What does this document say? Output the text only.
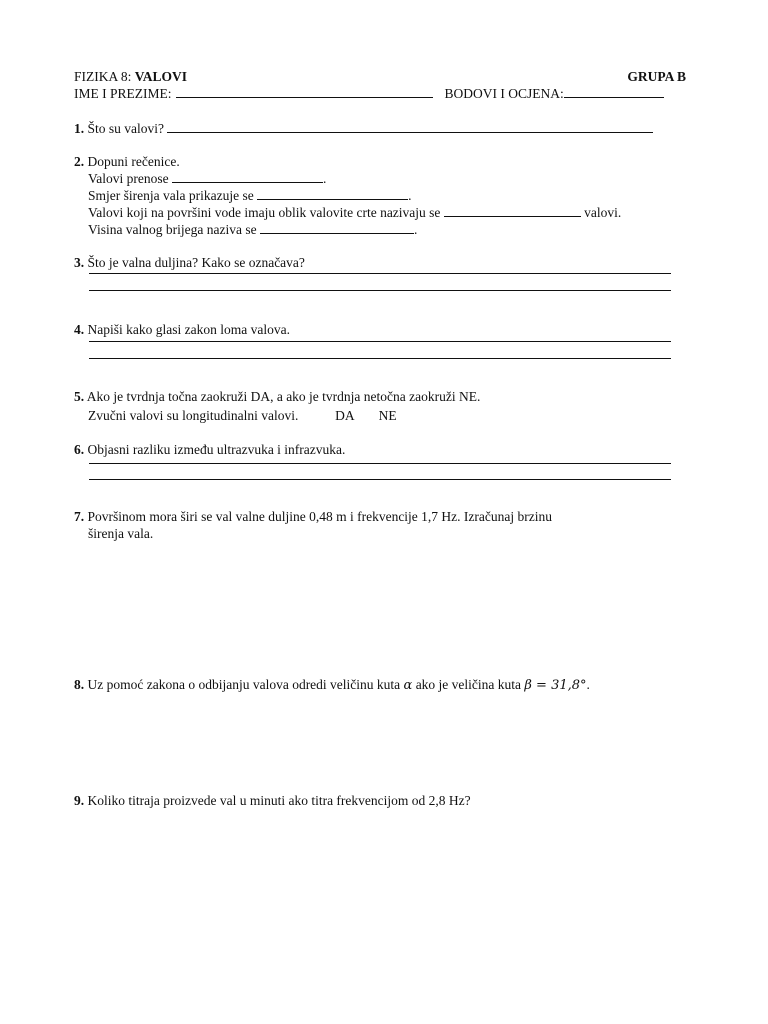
FIZIKA 8: VALOVI	GRUPA B
IME I PREZIME:	BODOVI I OCJENA:
1. Što su valovi?
2. Dopuni rečenice.
Valovi prenose	.
Smjer širenja vala prikazuje se	.
Valovi koji na površini vode imaju oblik valovite crte nazivaju se	valovi.
Visina valnog brijega naziva se	.
3. Što je valna duljina? Kako se označava?
4. Napiši kako glasi zakon loma valova.
5. Ako je tvrdnja točna zaokruži DA, a ako je tvrdnja netočna zaokruži NE.
Zvučni valovi su longitudinalni valovi.	DA NE
6. Objasni razliku između ultrazvuka i infrazvuka.
7. Površinom mora širi se val valne duljine 0,48 m i frekvencije 1,7 Hz. Izračunaj brzinu
širenja vala.
8. Uz pomoć zakona o odbijanju valova odredi veličinu kuta α ako je veličina kuta β = 31,8°.
9. Koliko titraja proizvede val u minuti ako titra frekvencijom od 2,8 Hz?
